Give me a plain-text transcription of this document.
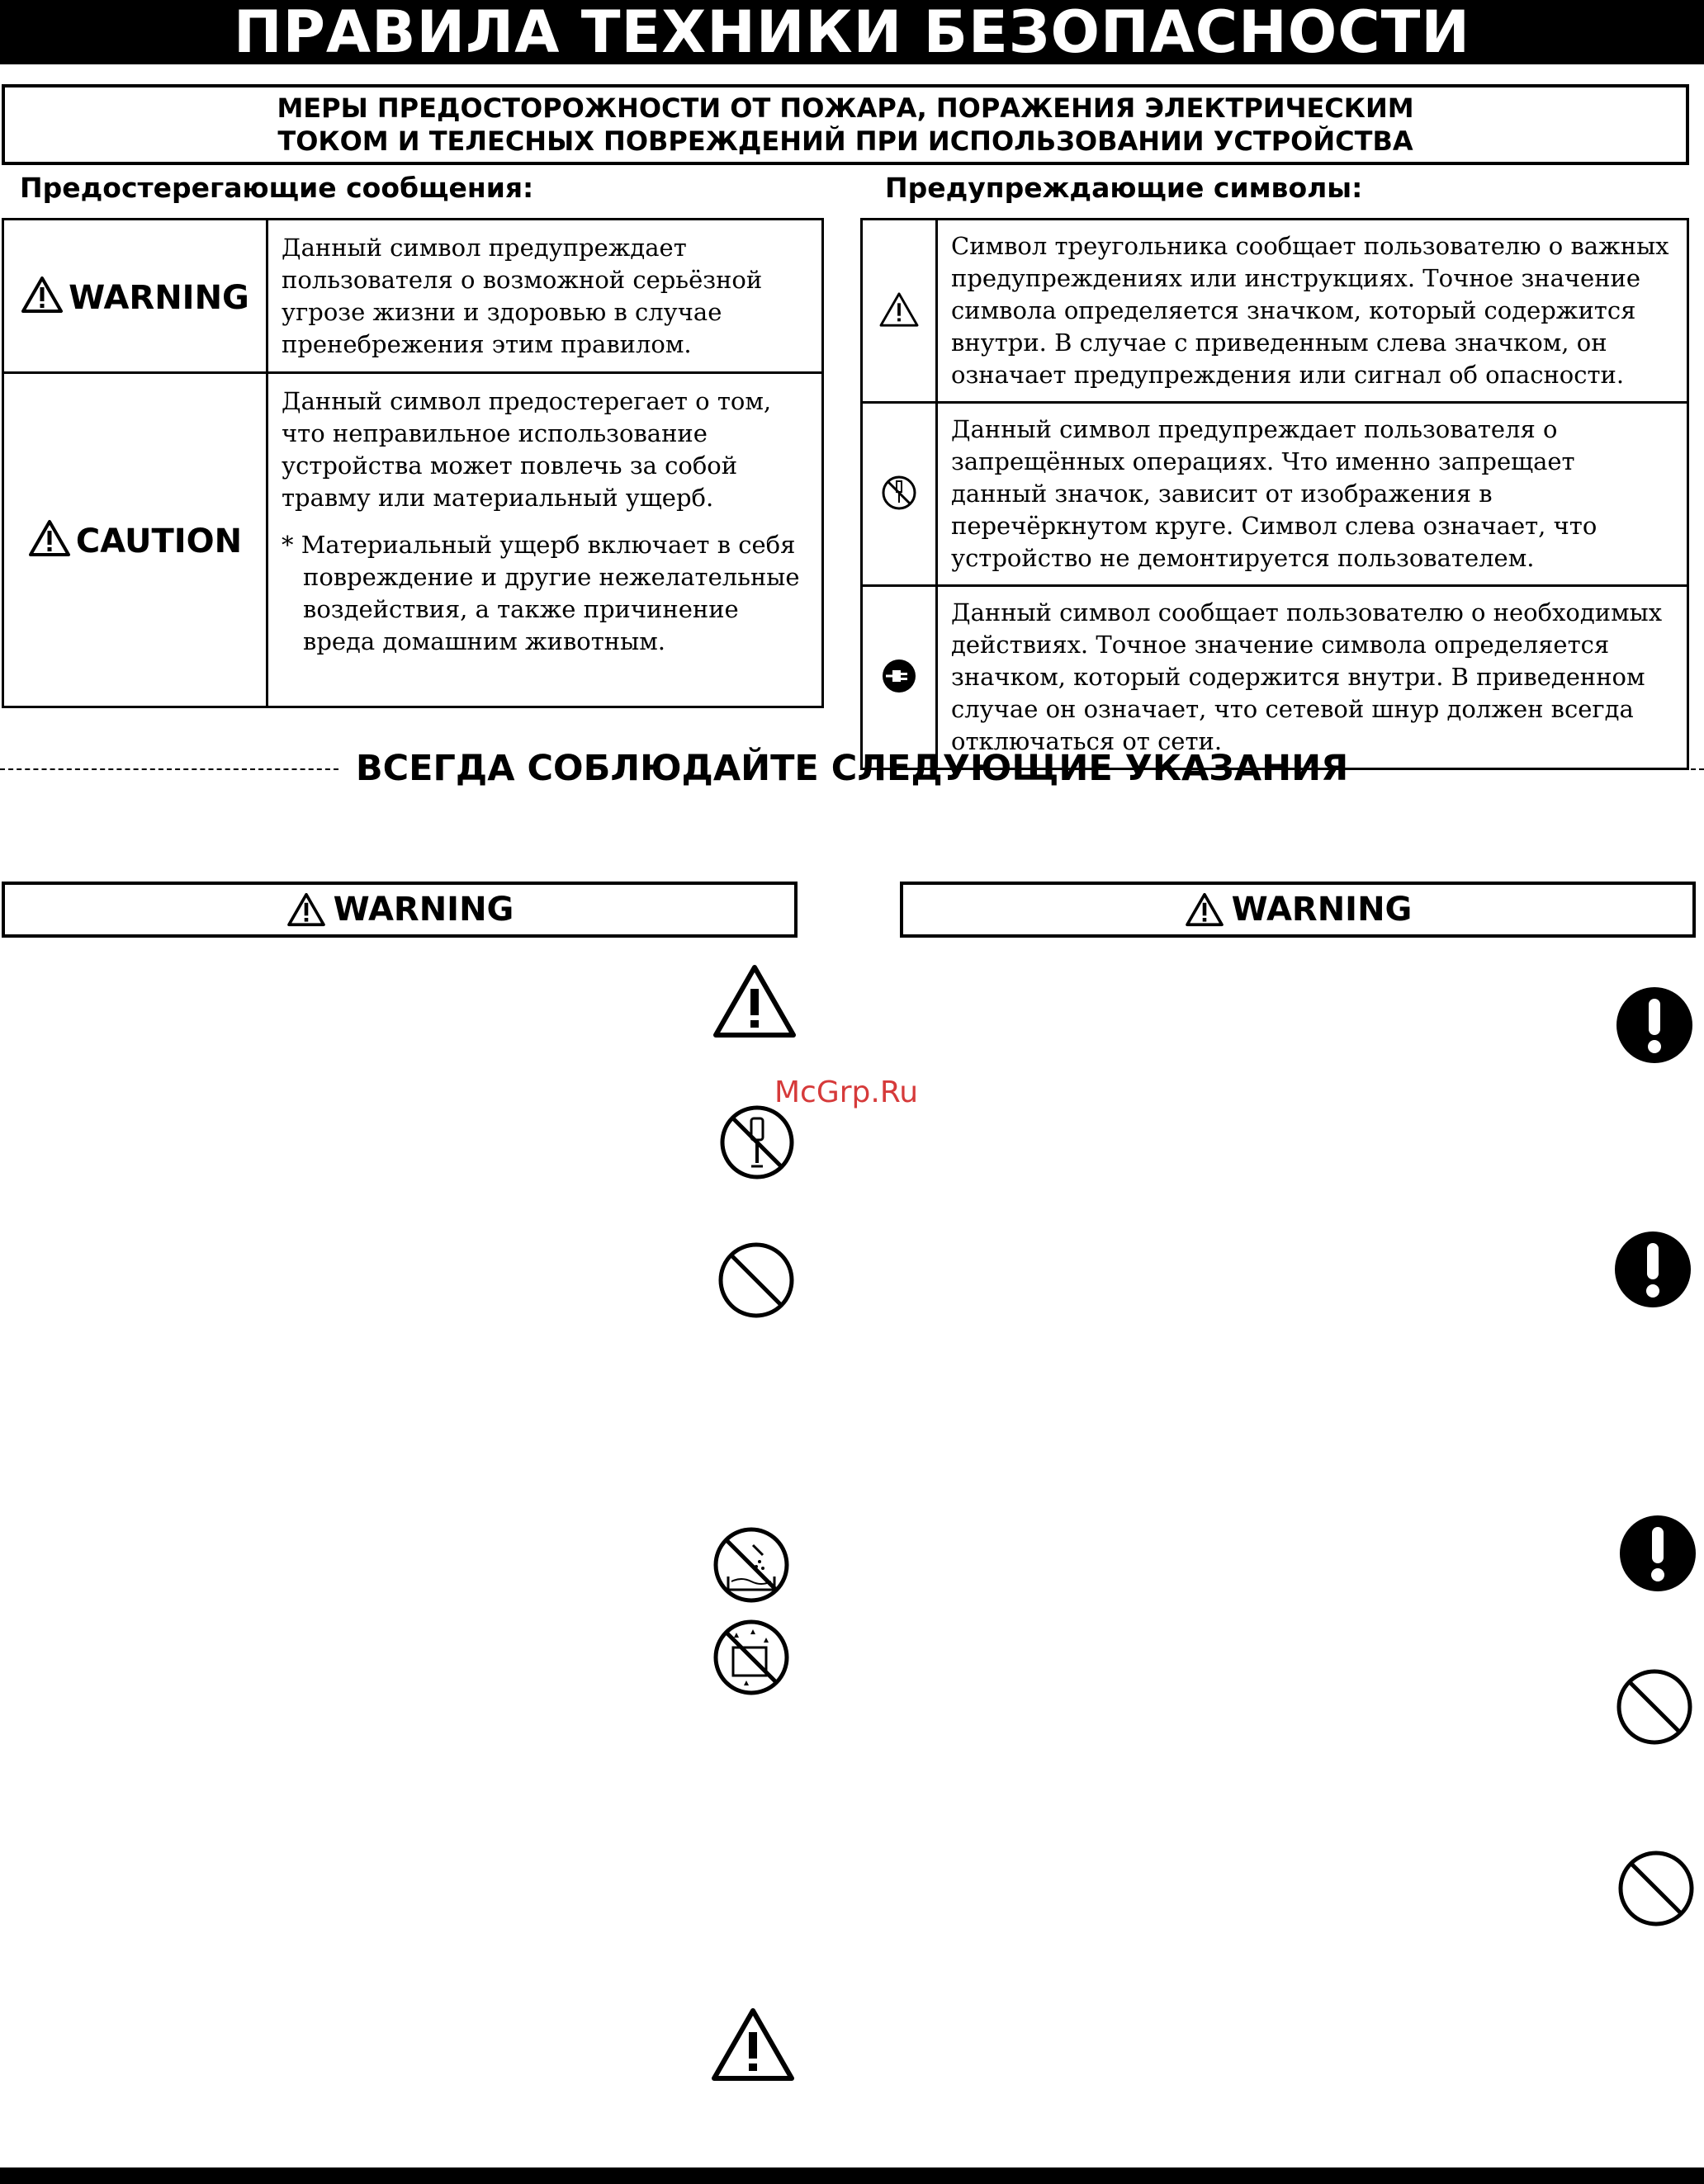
ПРАВИЛА ТЕХНИКИ БЕЗОПАСНОСТИ
МЕРЫ ПРЕДОСТОРОЖНОСТИ ОТ ПОЖАРА, ПОРАЖЕНИЯ ЭЛЕКТРИЧЕСКИМ
ТОКОМ И ТЕЛЕСНЫХ ПОВРЕЖДЕНИЙ ПРИ ИСПОЛЬЗОВАНИИ УСТРОЙСТВА
Предостерегающие сообщения:	Предупреждающие символы:
WARNING	Данный символ предупреждает пользователя о возможной серьёзной угрозе жизни и здоровью в случае пренебрежения этим правилом.
CAUTION	Данный символ предостерегает о том, что неправильное использование устройства может повлечь за собой травму или материальный ущерб.
* Материальный ущерб включает в себя повреждение и другие нежелательные воздействия, а также причинение вреда домашним животным.
	Символ треугольника сообщает пользователю о важных предупреждениях или инструкциях. Точное значение символа определяется значком, который содержится внутри. В случае с приведенным слева значком, он означает предупреждения или сигнал об опасности.
	Данный символ предупреждает пользователя о запрещённых операциях. Что именно запрещает данный значок, зависит от изображения в перечёркнутом круге. Символ слева означает, что устройство не демонтируется пользователем.
	Данный символ сообщает пользователю о необходимых действиях. Точное значение символа определяется значком, который содержится внутри. В приведенном случае он означает, что сетевой шнур должен всегда отключаться от сети.
ВСЕГДА СОБЛЮДАЙТЕ СЛЕДУЮЩИЕ УКАЗАНИЯ
WARNING	WARNING
McGrp.Ru
